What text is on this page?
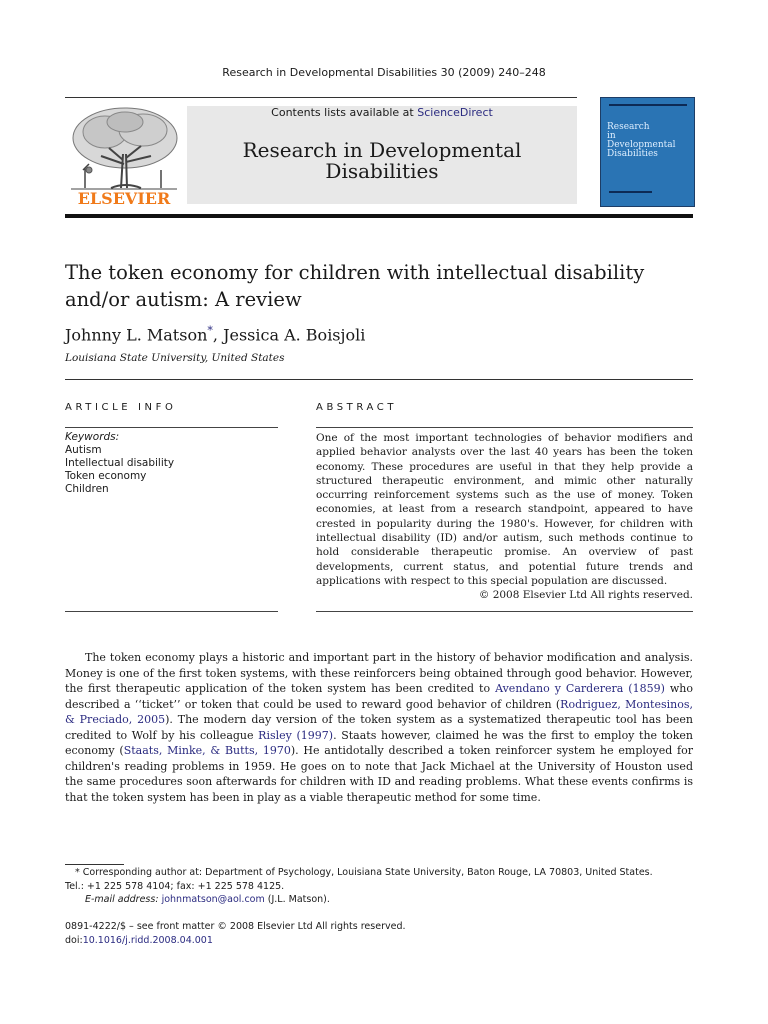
Research in Developmental Disabilities 30 (2009) 240–248
ELSEVIER
Contents lists available at ScienceDirect
Research in Developmental
Disabilities
Research
in
Developmental
Disabilities
The token economy for children with intellectual disability and/or autism: A review
Johnny L. Matson*, Jessica A. Boisjoli
Louisiana State University, United States
ARTICLE INFO	ABSTRACT
Keywords:
Autism
Intellectual disability
Token economy
Children
One of the most important technologies of behavior modifiers and applied behavior analysts over the last 40 years has been the token economy. These procedures are useful in that they help provide a structured therapeutic environment, and mimic other naturally occurring reinforcement systems such as the use of money. Token economies, at least from a research standpoint, appeared to have crested in popularity during the 1980's. However, for children with intellectual disability (ID) and/or autism, such methods continue to hold considerable therapeutic promise. An overview of past developments, current status, and potential future trends and applications with respect to this special population are discussed.
© 2008 Elsevier Ltd All rights reserved.
The token economy plays a historic and important part in the history of behavior modification and analysis. Money is one of the first token systems, with these reinforcers being obtained through good behavior. However, the first therapeutic application of the token system has been credited to Avendano y Carderera (1859) who described a ‘‘ticket’’ or token that could be used to reward good behavior of children (Rodriguez, Montesinos, & Preciado, 2005). The modern day version of the token system as a systematized therapeutic tool has been credited to Wolf by his colleague Risley (1997). Staats however, claimed he was the first to employ the token economy (Staats, Minke, & Butts, 1970). He antidotally described a token reinforcer system he employed for children's reading problems in 1959. He goes on to note that Jack Michael at the University of Houston used the same procedures soon afterwards for children with ID and reading problems. What these events confirms is that the token system has been in play as a viable therapeutic method for some time.
* Corresponding author at: Department of Psychology, Louisiana State University, Baton Rouge, LA 70803, United States.
Tel.: +1 225 578 4104; fax: +1 225 578 4125.
E-mail address: johnmatson@aol.com (J.L. Matson).
0891-4222/$ – see front matter © 2008 Elsevier Ltd All rights reserved.
doi:10.1016/j.ridd.2008.04.001
